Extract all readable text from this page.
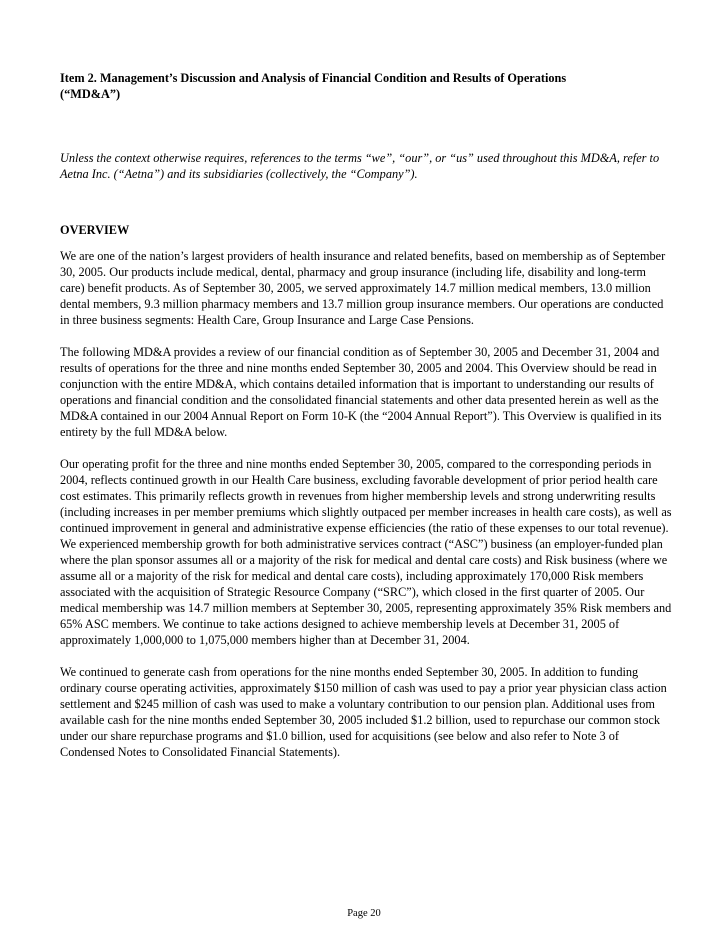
Item 2. Management’s Discussion and Analysis of Financial Condition and Results of Operations
(“MD&A”)

Unless the context otherwise requires, references to the terms “we”, “our”, or “us” used throughout this MD&A, refer to Aetna Inc. (“Aetna”) and its subsidiaries (collectively, the “Company”).

OVERVIEW

We are one of the nation’s largest providers of health insurance and related benefits, based on membership as of September 30, 2005. Our products include medical, dental, pharmacy and group insurance (including life, disability and long-term care) benefit products. As of September 30, 2005, we served approximately 14.7 million medical members, 13.0 million dental members, 9.3 million pharmacy members and 13.7 million group insurance members. Our operations are conducted in three business segments: Health Care, Group Insurance and Large Case Pensions.

The following MD&A provides a review of our financial condition as of September 30, 2005 and December 31, 2004 and results of operations for the three and nine months ended September 30, 2005 and 2004. This Overview should be read in conjunction with the entire MD&A, which contains detailed information that is important to understanding our results of operations and financial condition and the consolidated financial statements and other data presented herein as well as the MD&A contained in our 2004 Annual Report on Form 10-K (the “2004 Annual Report”). This Overview is qualified in its entirety by the full MD&A below.

Our operating profit for the three and nine months ended September 30, 2005, compared to the corresponding periods in 2004, reflects continued growth in our Health Care business, excluding favorable development of prior period health care cost estimates. This primarily reflects growth in revenues from higher membership levels and strong underwriting results (including increases in per member premiums which slightly outpaced per member increases in health care costs), as well as continued improvement in general and administrative expense efficiencies (the ratio of these expenses to our total revenue). We experienced membership growth for both administrative services contract (“ASC”) business (an employer-funded plan where the plan sponsor assumes all or a majority of the risk for medical and dental care costs) and Risk business (where we assume all or a majority of the risk for medical and dental care costs), including approximately 170,000 Risk members associated with the acquisition of Strategic Resource Company (“SRC”), which closed in the first quarter of 2005. Our medical membership was 14.7 million members at September 30, 2005, representing approximately 35% Risk members and 65% ASC members. We continue to take actions designed to achieve membership levels at December 31, 2005 of approximately 1,000,000 to 1,075,000 members higher than at December 31, 2004.

We continued to generate cash from operations for the nine months ended September 30, 2005. In addition to funding ordinary course operating activities, approximately $150 million of cash was used to pay a prior year physician class action settlement and $245 million of cash was used to make a voluntary contribution to our pension plan. Additional uses from available cash for the nine months ended September 30, 2005 included $1.2 billion, used to repurchase our common stock under our share repurchase programs and $1.0 billion, used for acquisitions (see below and also refer to Note 3 of Condensed Notes to Consolidated Financial Statements).

Page 20
